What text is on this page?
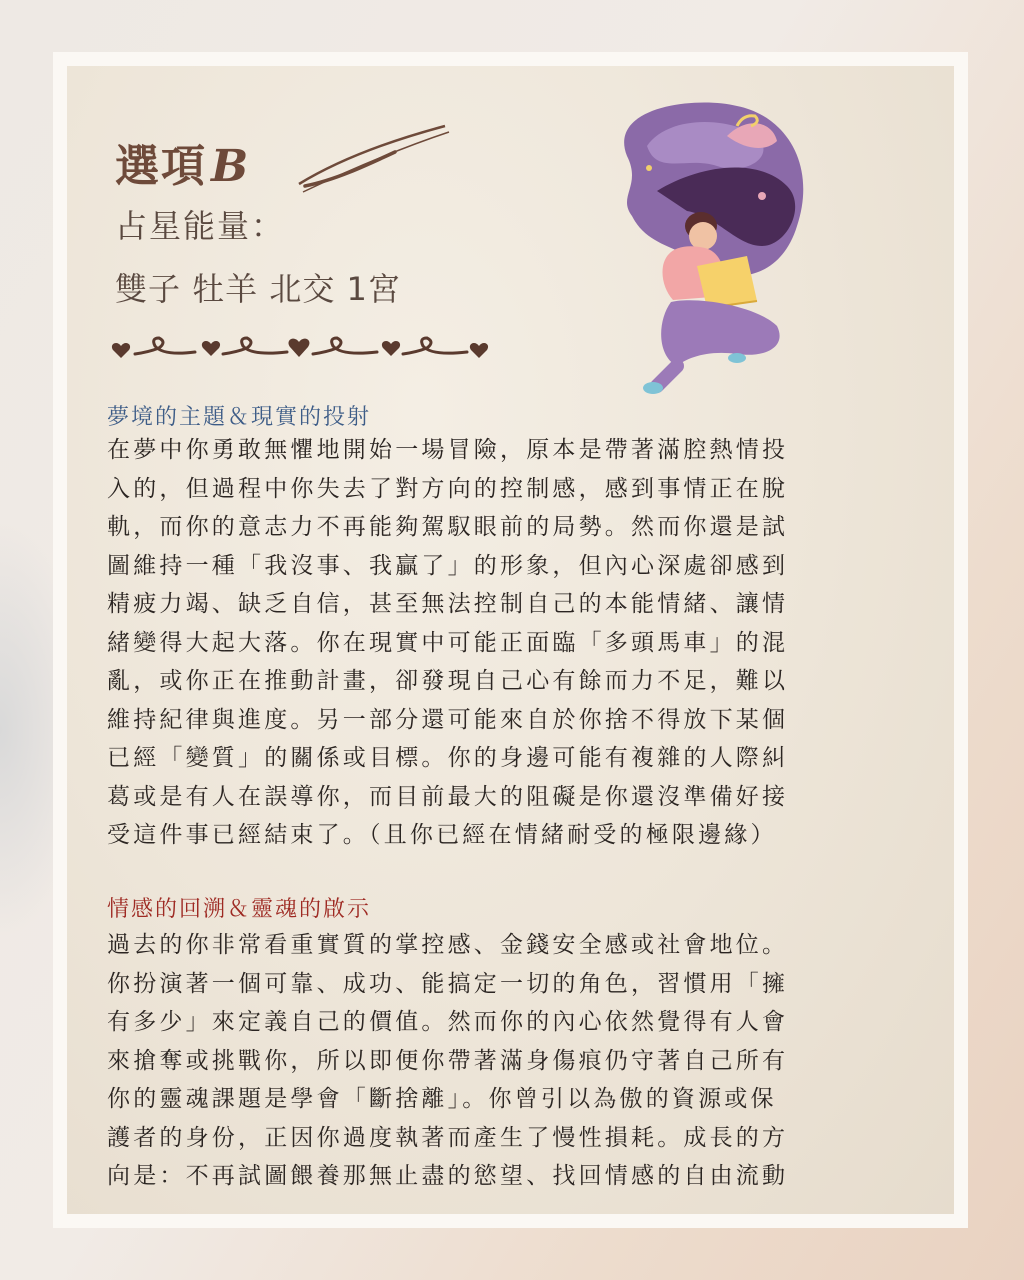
選項B
占星能量：
雙子 牡羊 北交 1宮
夢境的主題＆現實的投射
在夢中你勇敢無懼地開始一場冒險，原本是帶著滿腔熱情投
入的，但過程中你失去了對方向的控制感，感到事情正在脫
軌，而你的意志力不再能夠駕馭眼前的局勢。然而你還是試
圖維持一種「我沒事、我贏了」的形象，但內心深處卻感到
精疲力竭、缺乏自信，甚至無法控制自己的本能情緒、讓情
緒變得大起大落。你在現實中可能正面臨「多頭馬車」的混
亂，或你正在推動計畫，卻發現自己心有餘而力不足，難以
維持紀律與進度。另一部分還可能來自於你捨不得放下某個
已經「變質」的關係或目標。你的身邊可能有複雜的人際糾
葛或是有人在誤導你，而目前最大的阻礙是你還沒準備好接
受這件事已經結束了。（且你已經在情緒耐受的極限邊緣）
情感的回溯＆靈魂的啟示
過去的你非常看重實質的掌控感、金錢安全感或社會地位。
你扮演著一個可靠、成功、能搞定一切的角色，習慣用「擁
有多少」來定義自己的價值。然而你的內心依然覺得有人會
來搶奪或挑戰你，所以即便你帶著滿身傷痕仍守著自己所有
你的靈魂課題是學會「斷捨離」。你曾引以為傲的資源或保
護者的身份，正因你過度執著而產生了慢性損耗。成長的方
向是：不再試圖餵養那無止盡的慾望、找回情感的自由流動
